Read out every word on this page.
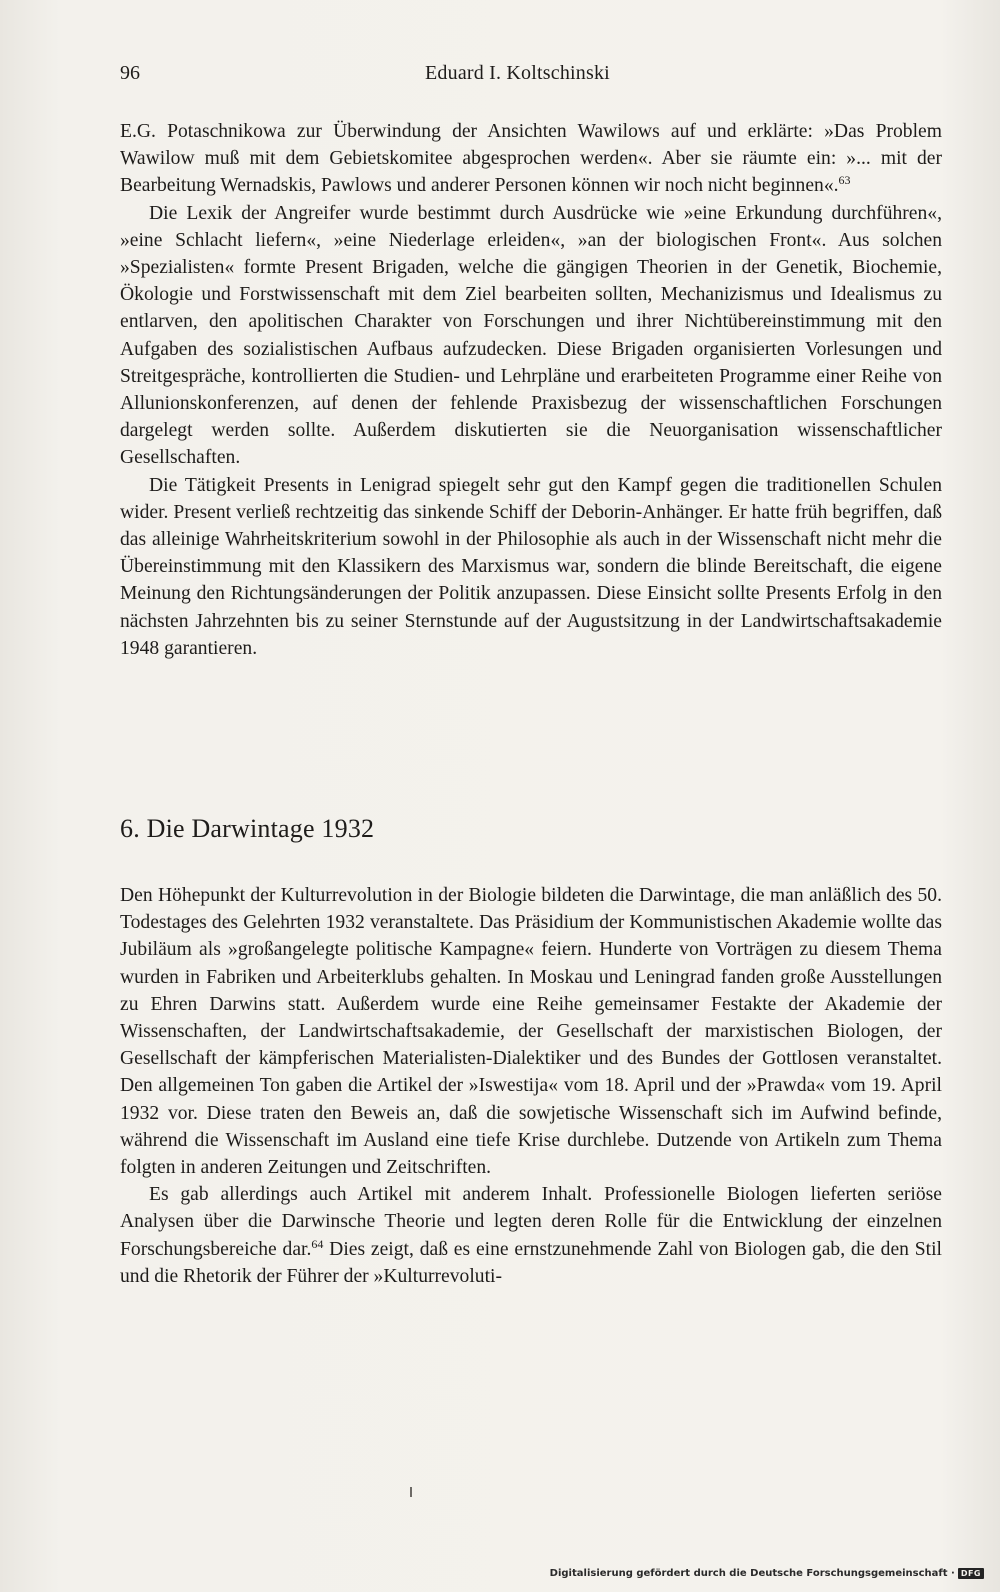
96	Eduard I. Koltschinski

E.G. Potaschnikowa zur Überwindung der Ansichten Wawilows auf und erklärte: »Das Problem Wawilow muß mit dem Gebietskomitee abgesprochen werden«. Aber sie räumte ein: »... mit der Bearbeitung Wernadskis, Pawlows und anderer Personen können wir noch nicht beginnen«.$^{63}$

Die Lexik der Angreifer wurde bestimmt durch Ausdrücke wie »eine Erkundung durchführen«, »eine Schlacht liefern«, »eine Niederlage erleiden«, »an der biologischen Front«. Aus solchen »Spezialisten« formte Present Brigaden, welche die gängigen Theorien in der Genetik, Biochemie, Ökologie und Forstwissenschaft mit dem Ziel bearbeiten sollten, Mechanizismus und Idealismus zu entlarven, den apolitischen Charakter von Forschungen und ihrer Nichtübereinstimmung mit den Aufgaben des sozialistischen Aufbaus aufzudecken. Diese Brigaden organisierten Vorlesungen und Streitgespräche, kontrollierten die Studien- und Lehrpläne und erarbeiteten Programme einer Reihe von Allunionskonferenzen, auf denen der fehlende Praxisbezug der wissenschaftlichen Forschungen dargelegt werden sollte. Außerdem diskutierten sie die Neuorganisation wissenschaftlicher Gesellschaften.

Die Tätigkeit Presents in Lenigrad spiegelt sehr gut den Kampf gegen die traditionellen Schulen wider. Present verließ rechtzeitig das sinkende Schiff der Deborin-Anhänger. Er hatte früh begriffen, daß das alleinige Wahrheitskriterium sowohl in der Philosophie als auch in der Wissenschaft nicht mehr die Übereinstimmung mit den Klassikern des Marxismus war, sondern die blinde Bereitschaft, die eigene Meinung den Richtungsänderungen der Politik anzupassen. Diese Einsicht sollte Presents Erfolg in den nächsten Jahrzehnten bis zu seiner Sternstunde auf der Augustsitzung in der Landwirtschaftsakademie 1948 garantieren.

6. Die Darwintage 1932

Den Höhepunkt der Kulturrevolution in der Biologie bildeten die Darwintage, die man anläßlich des 50. Todestages des Gelehrten 1932 veranstaltete. Das Präsidium der Kommunistischen Akademie wollte das Jubiläum als »großangelegte politische Kampagne« feiern. Hunderte von Vorträgen zu diesem Thema wurden in Fabriken und Arbeiterklubs gehalten. In Moskau und Leningrad fanden große Ausstellungen zu Ehren Darwins statt. Außerdem wurde eine Reihe gemeinsamer Festakte der Akademie der Wissenschaften, der Landwirtschaftsakademie, der Gesellschaft der marxistischen Biologen, der Gesellschaft der kämpferischen Materialisten-Dialektiker und des Bundes der Gottlosen veranstaltet. Den allgemeinen Ton gaben die Artikel der »Iswestija« vom 18. April und der »Prawda« vom 19. April 1932 vor. Diese traten den Beweis an, daß die sowjetische Wissenschaft sich im Aufwind befinde, während die Wissenschaft im Ausland eine tiefe Krise durchlebe. Dutzende von Artikeln zum Thema folgten in anderen Zeitungen und Zeitschriften.

Es gab allerdings auch Artikel mit anderem Inhalt. Professionelle Biologen lieferten seriöse Analysen über die Darwinsche Theorie und legten deren Rolle für die Entwicklung der einzelnen Forschungsbereiche dar.$^{64}$ Dies zeigt, daß es eine ernstzunehmende Zahl von Biologen gab, die den Stil und die Rhetorik der Führer der »Kulturrevoluti-

Digitalisierung gefördert durch die Deutsche Forschungsgemeinschaft · DFG
